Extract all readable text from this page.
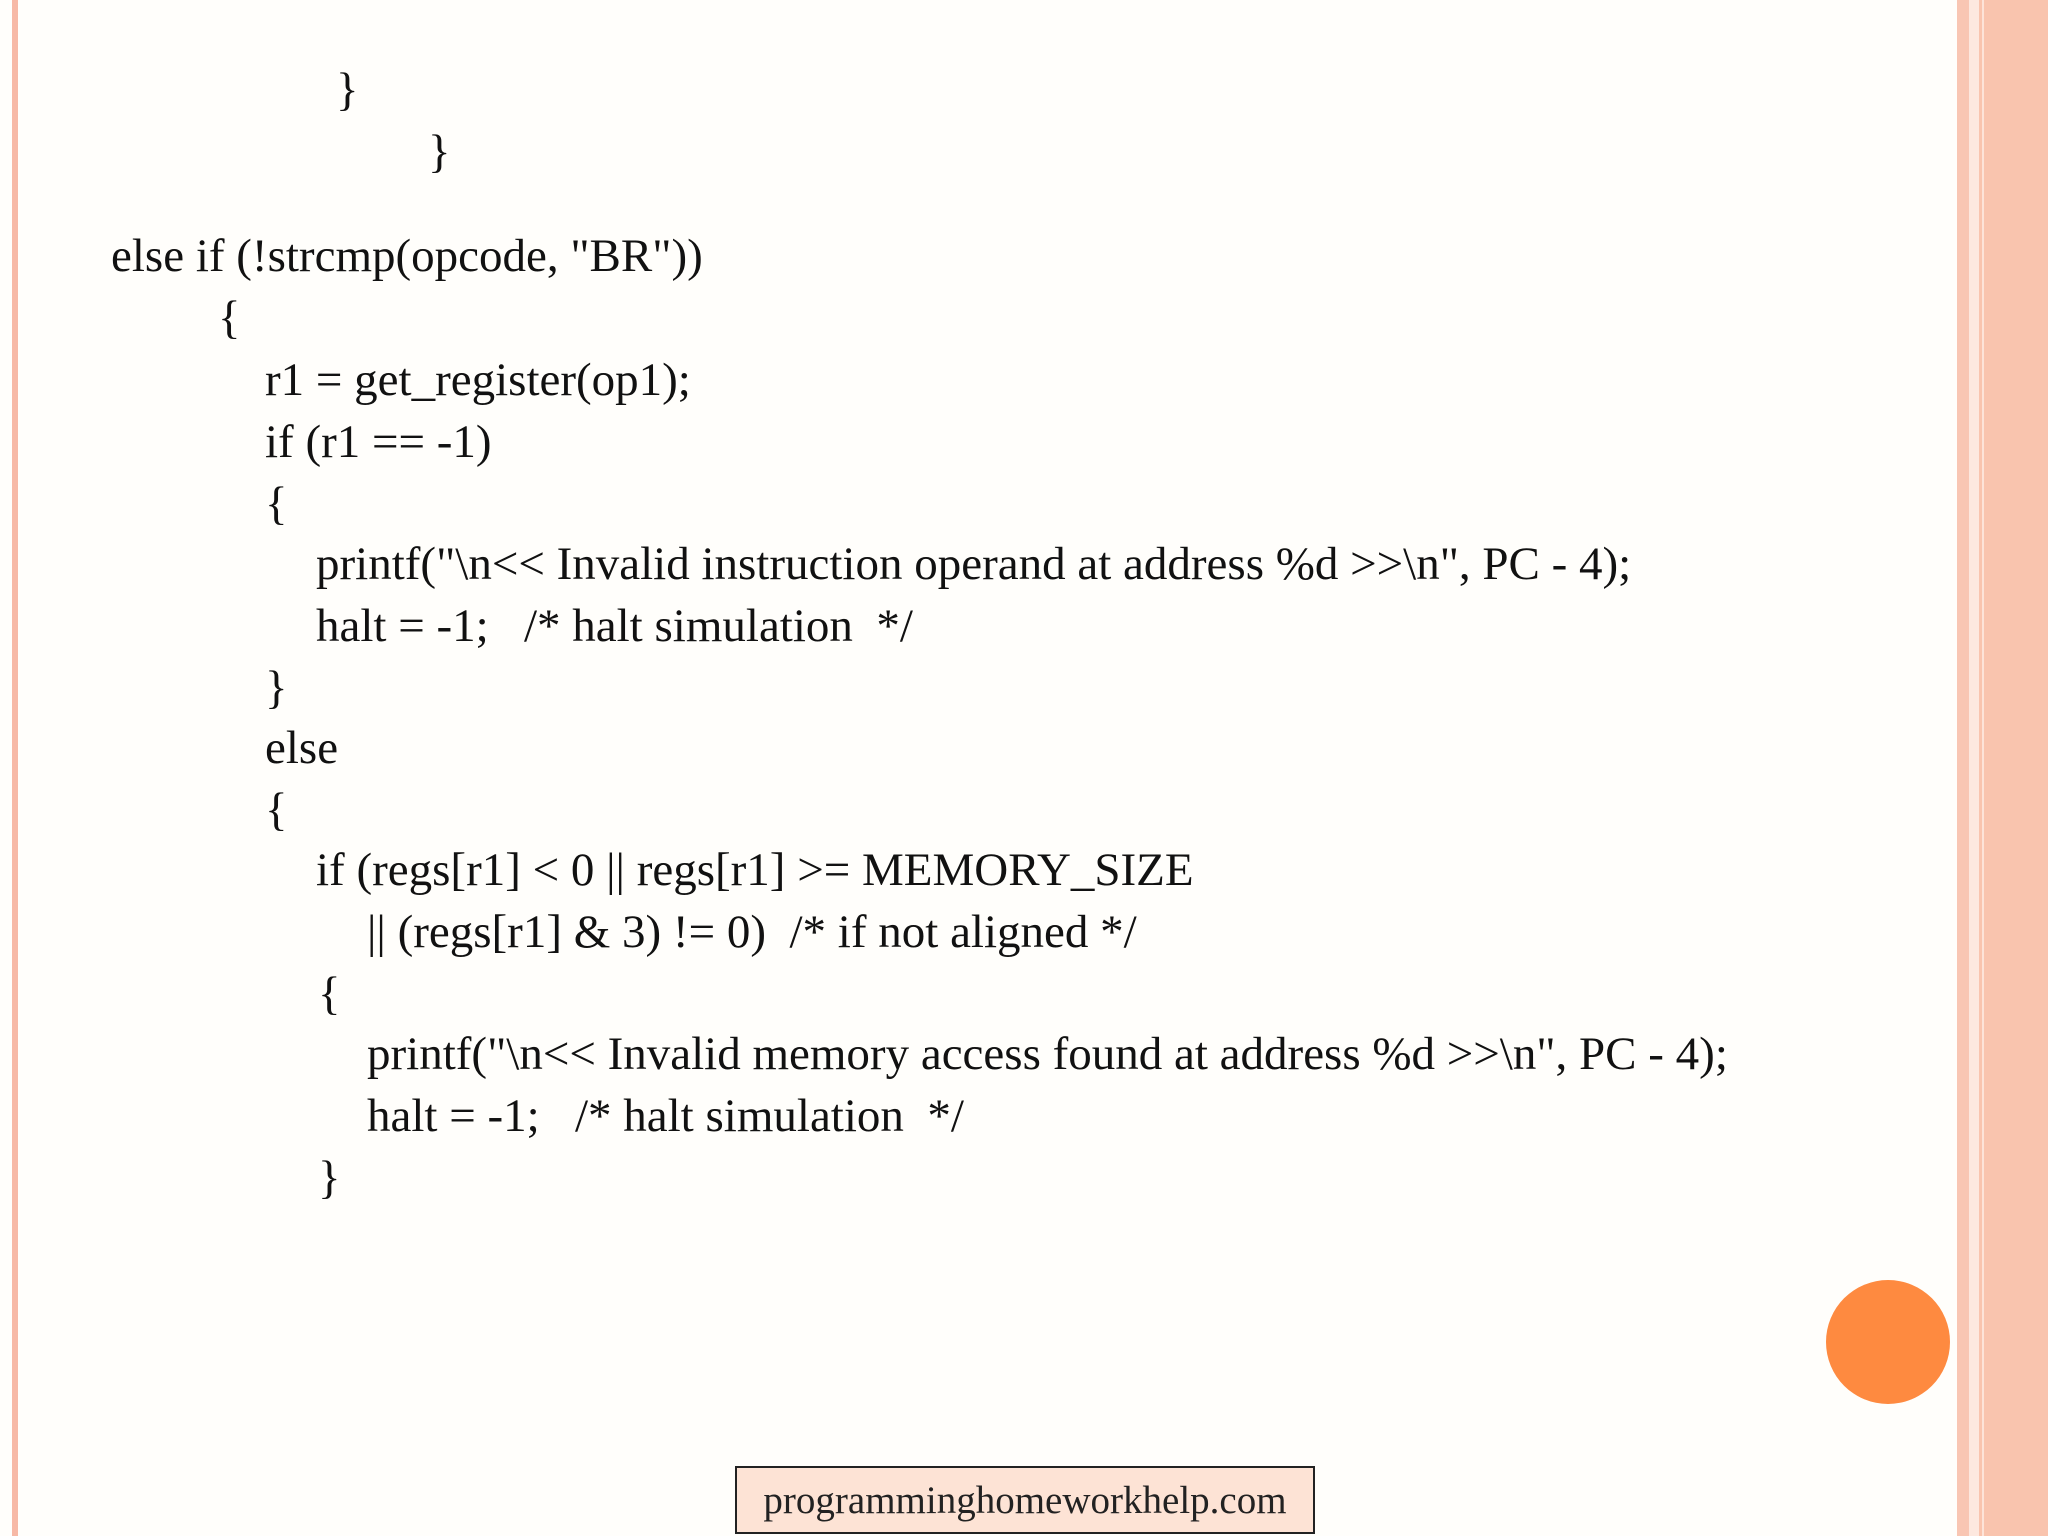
}
}
else if (!strcmp(opcode, "BR"))
{
r1 = get_register(op1);
if (r1 == -1)
{
printf("\n<< Invalid instruction operand at address %d >>\n", PC - 4);
halt = -1;   /* halt simulation  */
}
else
{
if (regs[r1] < 0 || regs[r1] >= MEMORY_SIZE
|| (regs[r1] & 3) != 0)  /* if not aligned */
{
printf("\n<< Invalid memory access found at address %d >>\n", PC - 4);
halt = -1;   /* halt simulation  */
}
programminghomeworkhelp.com
